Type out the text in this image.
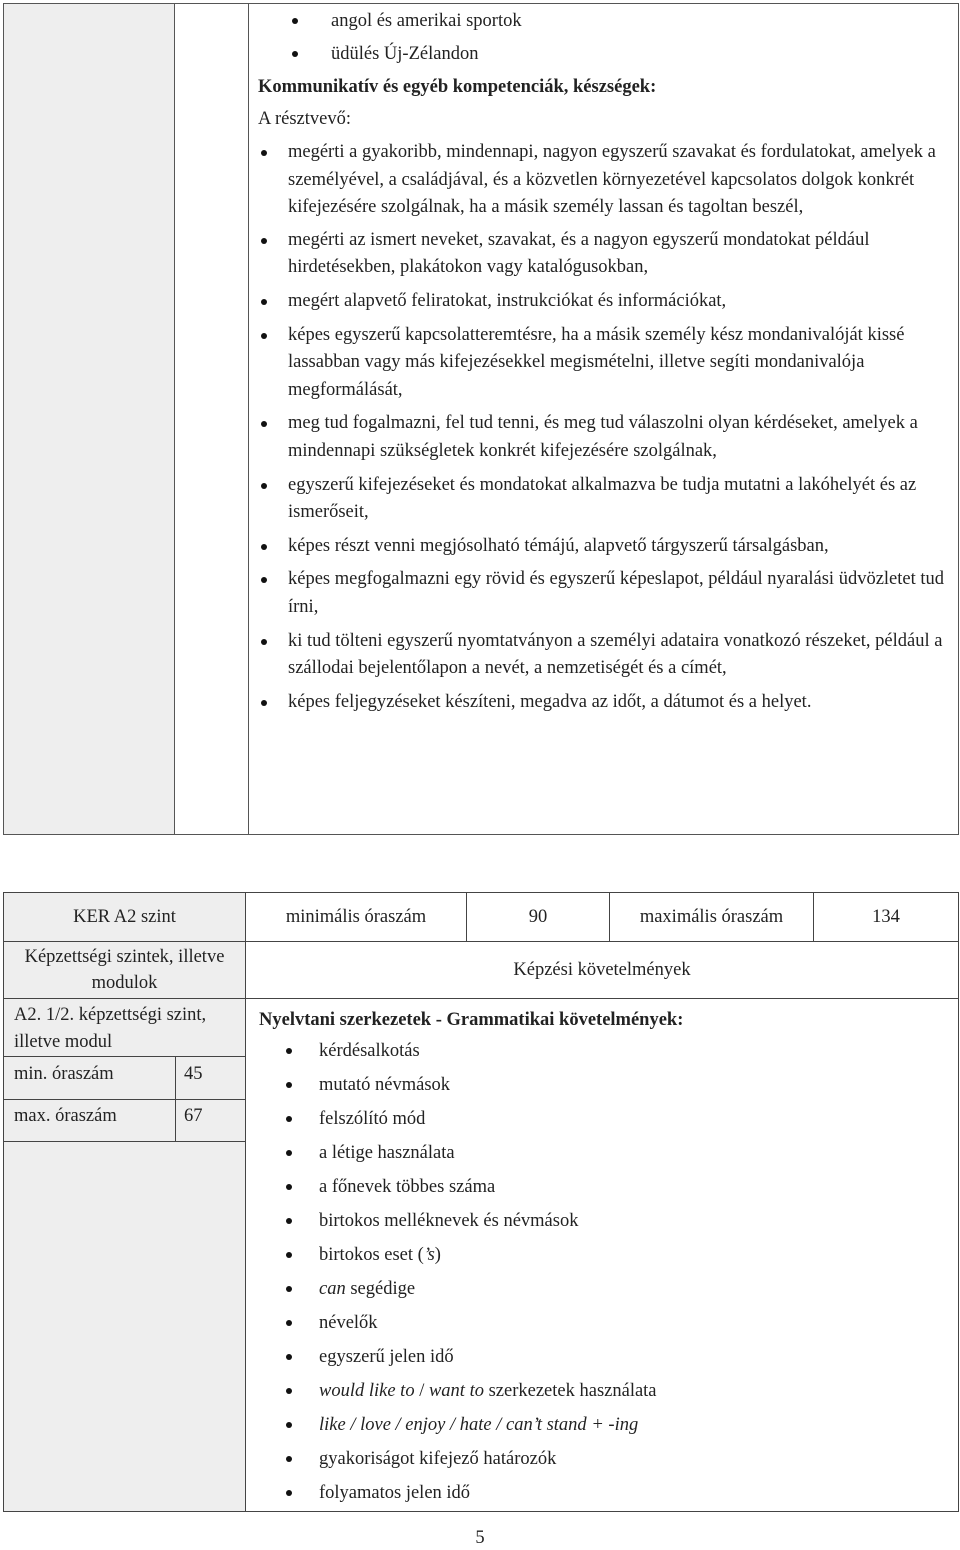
angol és amerikai sportok
üdülés Új-Zélandon
Kommunikatív és egyéb kompetenciák, készségek:
A résztvevő:
megérti a gyakoribb, mindennapi, nagyon egyszerű szavakat és fordulatokat, amelyek a személyével, a családjával, és a közvetlen környezetével kapcsolatos dolgok konkrét kifejezésére szolgálnak, ha a másik személy lassan és tagoltan beszél,
megérti az ismert neveket, szavakat, és a nagyon egyszerű mondatokat például hirdetésekben, plakátokon vagy katalógusokban,
megért alapvető feliratokat, instrukciókat és információkat,
képes egyszerű kapcsolatteremtésre, ha a másik személy kész mondanivalóját kissé lassabban vagy más kifejezésekkel megismételni, illetve segíti mondanivalója megformálását,
meg tud fogalmazni, fel tud tenni, és meg tud válaszolni olyan kérdéseket, amelyek a mindennapi szükségletek konkrét kifejezésére szolgálnak,
egyszerű kifejezéseket és mondatokat alkalmazva be tudja mutatni a lakóhelyét és az ismerőseit,
képes részt venni megjósolható témájú, alapvető tárgyszerű társalgásban,
képes megfogalmazni egy rövid és egyszerű képeslapot, például nyaralási üdvözletet tud írni,
ki tud tölteni egyszerű nyomtatványon a személyi adataira vonatkozó részeket, például a szállodai bejelentőlapon a nevét, a nemzetiségét és a címét,
képes feljegyzéseket készíteni, megadva az időt, a dátumot és a helyet.
KER A2 szint	minimális óraszám	90	maximális óraszám	134
Képzettségi szintek, illetve modulok
Képzési követelmények
A2. 1/2. képzettségi szint, illetve modul
min. óraszám	45
max. óraszám	67
Nyelvtani szerkezetek - Grammatikai követelmények:
kérdésalkotás
mutató névmások
felszólító mód
a létige használata
a főnevek többes száma
birtokos melléknevek és névmások
birtokos eset (’s)
can segédige
névelők
egyszerű jelen idő
would like to / want to szerkezetek használata
like / love / enjoy / hate / can’t stand + -ing
gyakoriságot kifejező határozók
folyamatos jelen idő
5
